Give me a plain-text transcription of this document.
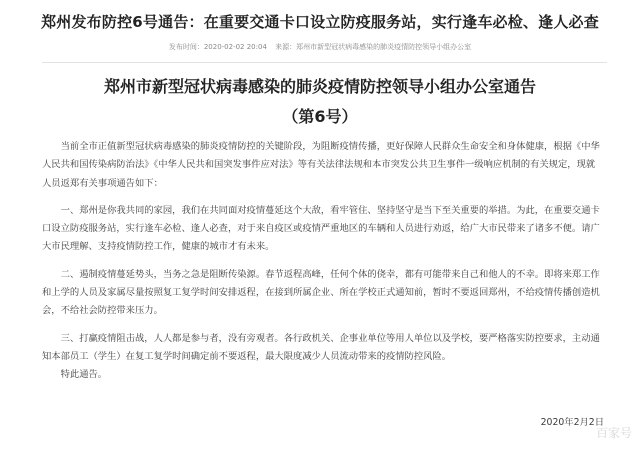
郑州发布防控6号通告：在重要交通卡口设立防疫服务站，实行逢车必检、逢人必查
发布时间：2020-02-02 20:04 来源：郑州市新型冠状病毒感染的肺炎疫情防控领导小组办公室
郑州市新型冠状病毒感染的肺炎疫情防控领导小组办公室通告
（第6号）

当前全市正值新型冠状病毒感染的肺炎疫情防控的关键阶段，为阻断疫情传播，更好保障人民群众生命安全和身体健康，根据《中华人民共和国传染病防治法》《中华人民共和国突发事件应对法》等有关法律法规和本市突发公共卫生事件一级响应机制的有关规定，现就人员返郑有关事项通告如下：

一、郑州是你我共同的家园，我们在共同面对疫情蔓延这个大敌，看牢管住、坚持坚守是当下至关重要的举措。为此，在重要交通卡口设立防疫服务站，实行逢车必检、逢人必查，对于来自疫区或疫情严重地区的车辆和人员进行劝返，给广大市民带来了诸多不便。请广大市民理解、支持疫情防控工作，健康的城市才有未来。

二、遏制疫情蔓延势头，当务之急是阻断传染源。春节返程高峰，任何个体的侥幸，都有可能带来自己和他人的不幸。即将来郑工作和上学的人员及家属尽量按照复工复学时间安排返程，在接到所属企业、所在学校正式通知前，暂时不要返回郑州，不给疫情传播创造机会，不给社会防控带来压力。

三、打赢疫情阻击战，人人都是参与者，没有旁观者。各行政机关、企事业单位等用人单位以及学校，要严格落实防控要求，主动通知本部员工（学生）在复工复学时间确定前不要返程，最大限度减少人员流动带来的疫情防控风险。

特此通告。

2020年2月2日
百家号
